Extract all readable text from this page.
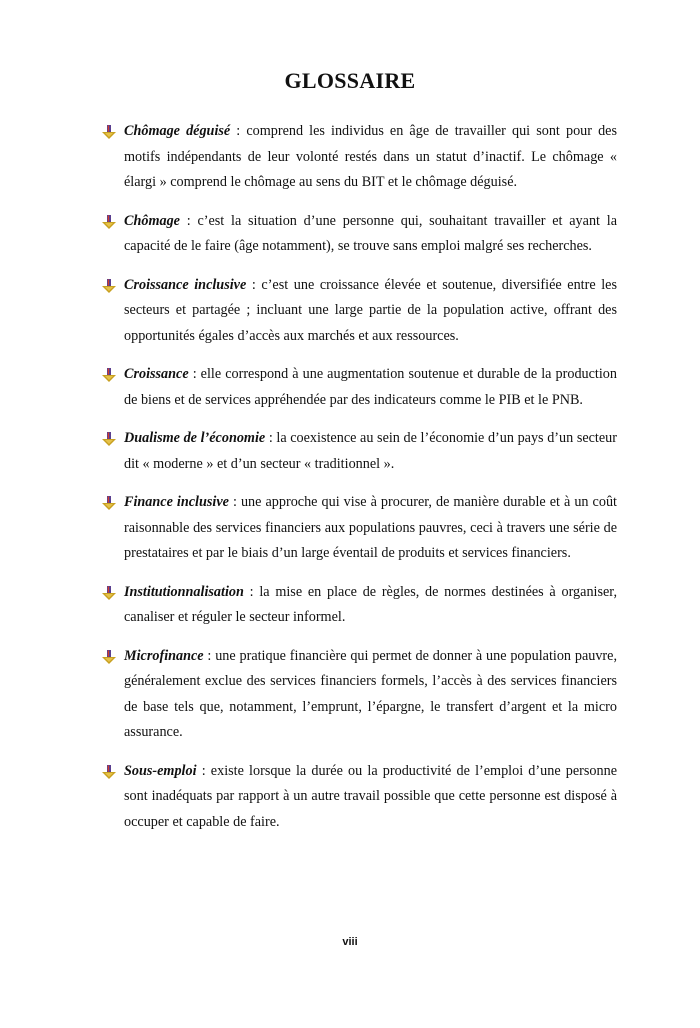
GLOSSAIRE
Chômage déguisé : comprend les individus en âge de travailler qui sont pour des motifs indépendants de leur volonté restés dans un statut d’inactif. Le chômage « élargi » comprend le chômage au sens du BIT et le chômage déguisé.
Chômage : c’est la situation d’une personne qui, souhaitant travailler et ayant la capacité de le faire (âge notamment), se trouve sans emploi malgré ses recherches.
Croissance inclusive : c’est une croissance élevée et soutenue, diversifiée entre les secteurs et partagée ; incluant une large partie de la population active, offrant des opportunités égales d’accès aux marchés et aux ressources.
Croissance : elle correspond à une augmentation soutenue et durable de la production de biens et de services appréhendée par des indicateurs comme le PIB et le PNB.
Dualisme de l’économie : la coexistence au sein de l’économie d’un pays d’un secteur dit « moderne » et d’un secteur « traditionnel ».
Finance inclusive : une approche qui vise à procurer, de manière durable et à un coût raisonnable des services financiers aux populations pauvres, ceci à travers une série de prestataires et par le biais d’un large éventail de produits et services financiers.
Institutionnalisation : la mise en place de règles, de normes destinées à organiser, canaliser et réguler le secteur informel.
Microfinance : une pratique financière qui permet de donner à une population pauvre, généralement exclue des services financiers formels, l’accès à des services financiers de base tels que, notamment, l’emprunt, l’épargne, le transfert d’argent et la micro assurance.
Sous-emploi : existe lorsque la durée ou la productivité de l’emploi d’une personne sont inadéquats par rapport à un autre travail possible que cette personne est disposé à occuper et capable de faire.
viii
